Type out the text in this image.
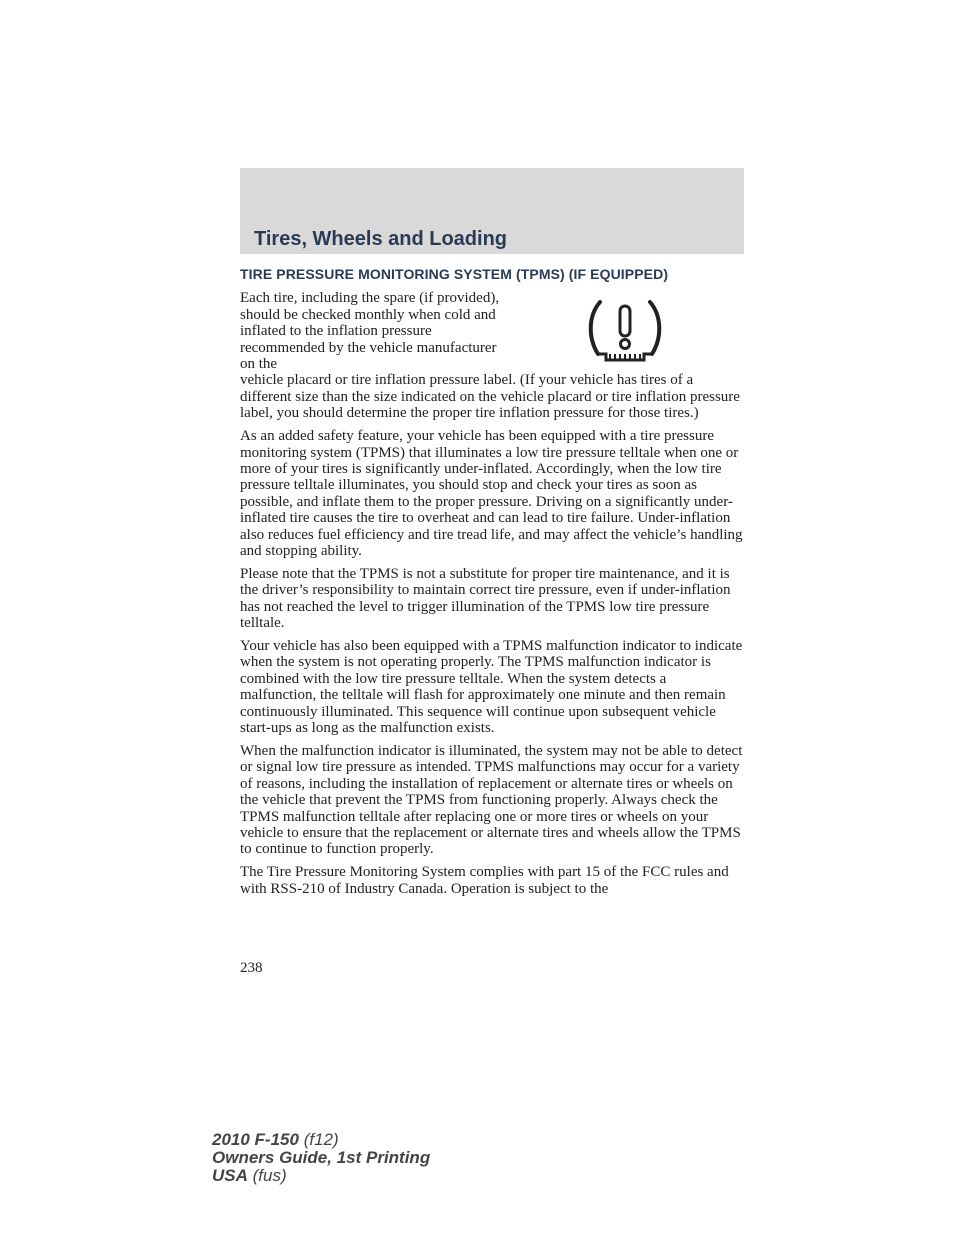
Tires, Wheels and Loading
TIRE PRESSURE MONITORING SYSTEM (TPMS) (IF EQUIPPED)

Each tire, including the spare (if provided), should be checked monthly when cold and inflated to the inflation pressure recommended by the vehicle manufacturer on the
vehicle placard or tire inflation pressure label. (If your vehicle has tires of a different size than the size indicated on the vehicle placard or tire inflation pressure label, you should determine the proper tire inflation pressure for those tires.)

As an added safety feature, your vehicle has been equipped with a tire pressure monitoring system (TPMS) that illuminates a low tire pressure telltale when one or more of your tires is significantly under-inflated. Accordingly, when the low tire pressure telltale illuminates, you should stop and check your tires as soon as possible, and inflate them to the proper pressure. Driving on a significantly under-inflated tire causes the tire to overheat and can lead to tire failure. Under-inflation also reduces fuel efficiency and tire tread life, and may affect the vehicle’s handling and stopping ability.

Please note that the TPMS is not a substitute for proper tire maintenance, and it is the driver’s responsibility to maintain correct tire pressure, even if under-inflation has not reached the level to trigger illumination of the TPMS low tire pressure telltale.

Your vehicle has also been equipped with a TPMS malfunction indicator to indicate when the system is not operating properly. The TPMS malfunction indicator is combined with the low tire pressure telltale. When the system detects a malfunction, the telltale will flash for approximately one minute and then remain continuously illuminated. This sequence will continue upon subsequent vehicle start-ups as long as the malfunction exists.

When the malfunction indicator is illuminated, the system may not be able to detect or signal low tire pressure as intended. TPMS malfunctions may occur for a variety of reasons, including the installation of replacement or alternate tires or wheels on the vehicle that prevent the TPMS from functioning properly. Always check the TPMS malfunction telltale after replacing one or more tires or wheels on your vehicle to ensure that the replacement or alternate tires and wheels allow the TPMS to continue to function properly.

The Tire Pressure Monitoring System complies with part 15 of the FCC rules and with RSS-210 of Industry Canada. Operation is subject to the

238
2010 F-150 (f12)
Owners Guide, 1st Printing
USA (fus)
